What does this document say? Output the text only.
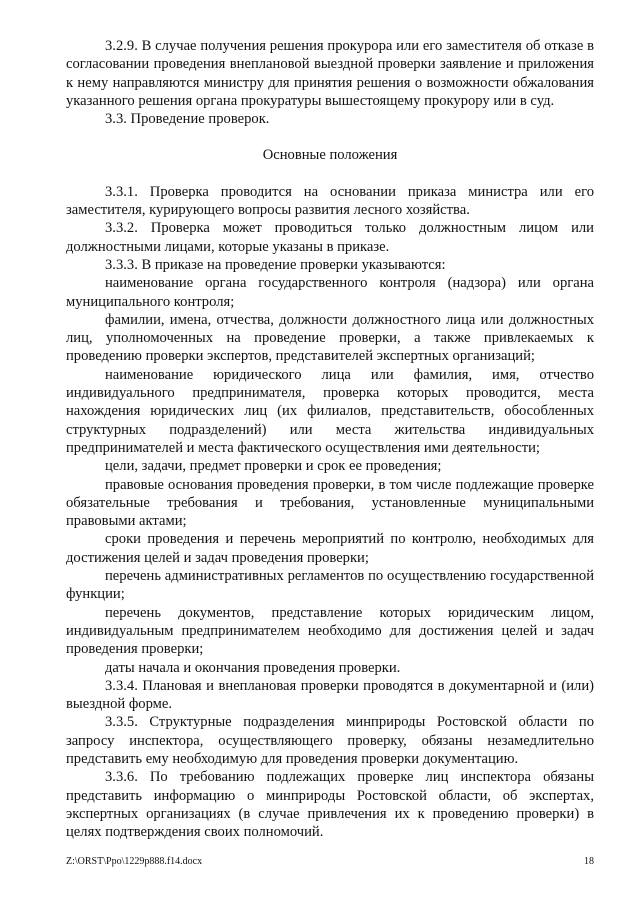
3.2.9. В случае получения решения прокурора или его заместителя об отказе в согласовании проведения внеплановой выездной проверки заявление и приложения к нему направляются министру для принятия решения о возможности обжалования указанного решения органа прокуратуры вышестоящему прокурору или в суд.

3.3. Проведение проверок.

Основные положения

3.3.1. Проверка проводится на основании приказа министра или его заместителя, курирующего вопросы развития лесного хозяйства.

3.3.2. Проверка может проводиться только должностным лицом или должностными лицами, которые указаны в приказе.

3.3.3. В приказе на проведение проверки указываются:

наименование органа государственного контроля (надзора) или органа муниципального контроля;

фамилии, имена, отчества, должности должностного лица или должностных лиц, уполномоченных на проведение проверки, а также привлекаемых к проведению проверки экспертов, представителей экспертных организаций;

наименование юридического лица или фамилия, имя, отчество индивидуального предпринимателя, проверка которых проводится, места нахождения юридических лиц (их филиалов, представительств, обособленных структурных подразделений) или места жительства индивидуальных предпринимателей и места фактического осуществления ими деятельности;

цели, задачи, предмет проверки и срок ее проведения;

правовые основания проведения проверки, в том числе подлежащие проверке обязательные требования и требования, установленные муниципальными правовыми актами;

сроки проведения и перечень мероприятий по контролю, необходимых для достижения целей и задач проведения проверки;

перечень административных регламентов по осуществлению государственной функции;

перечень документов, представление которых юридическим лицом, индивидуальным предпринимателем необходимо для достижения целей и задач проведения проверки;

даты начала и окончания проведения проверки.

3.3.4. Плановая и внеплановая проверки проводятся в документарной и (или) выездной форме.

3.3.5. Структурные подразделения минприроды Ростовской области по запросу инспектора, осуществляющего проверку, обязаны незамедлительно представить ему необходимую для проведения проверки документацию.

3.3.6. По требованию подлежащих проверке лиц инспектора обязаны представить информацию о минприроды Ростовской области, об экспертах, экспертных организациях (в случае привлечения их к проведению проверки) в целях подтверждения своих полномочий.

Z:\ORST\Ppo\1229p888.f14.docx	18
